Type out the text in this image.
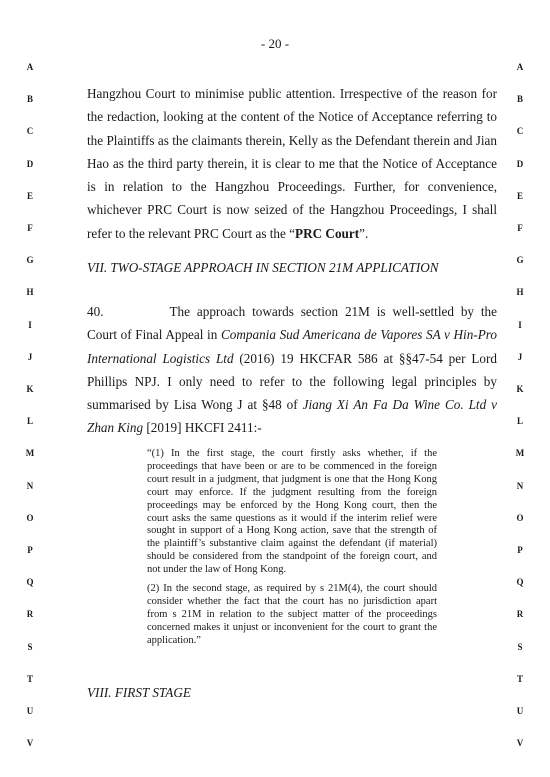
- 20 -
A
B
C
D
E
F
G
H
I
J
K
L
M
N
O
P
Q
R
S
T
U
V
A
B
C
D
E
F
G
H
I
J
K
L
M
N
O
P
Q
R
S
T
U
V
Hangzhou Court to minimise public attention. Irrespective of the reason for the redaction, looking at the content of the Notice of Acceptance referring to the Plaintiffs as the claimants therein, Kelly as the Defendant therein and Jian Hao as the third party therein, it is clear to me that the Notice of Acceptance is in relation to the Hangzhou Proceedings. Further, for convenience, whichever PRC Court is now seized of the Hangzhou Proceedings, I shall refer to the relevant PRC Court as the “PRC Court”.
VII. TWO-STAGE APPROACH IN SECTION 21M APPLICATION
40.	The approach towards section 21M is well-settled by the Court of Final Appeal in Compania Sud Americana de Vapores SA v Hin-Pro International Logistics Ltd (2016) 19 HKCFAR 586 at §§47-54 per Lord Phillips NPJ. I only need to refer to the following legal principles by summarised by Lisa Wong J at §48 of Jiang Xi An Fa Da Wine Co. Ltd v Zhan King [2019] HKCFI 2411:-

“(1) In the first stage, the court firstly asks whether, if the proceedings that have been or are to be commenced in the foreign court result in a judgment, that judgment is one that the Hong Kong court may enforce. If the judgment resulting from the foreign proceedings may be enforced by the Hong Kong court, then the court asks the same questions as it would if the interim relief were sought in support of a Hong Kong action, save that the strength of the plaintiff’s substantive claim against the defendant (if material) should be considered from the standpoint of the foreign court, and not under the law of Hong Kong.

(2) In the second stage, as required by s 21M(4), the court should consider whether the fact that the court has no jurisdiction apart from s 21M in relation to the subject matter of the proceedings concerned makes it unjust or inconvenient for the court to grant the application.”

VIII. FIRST STAGE
